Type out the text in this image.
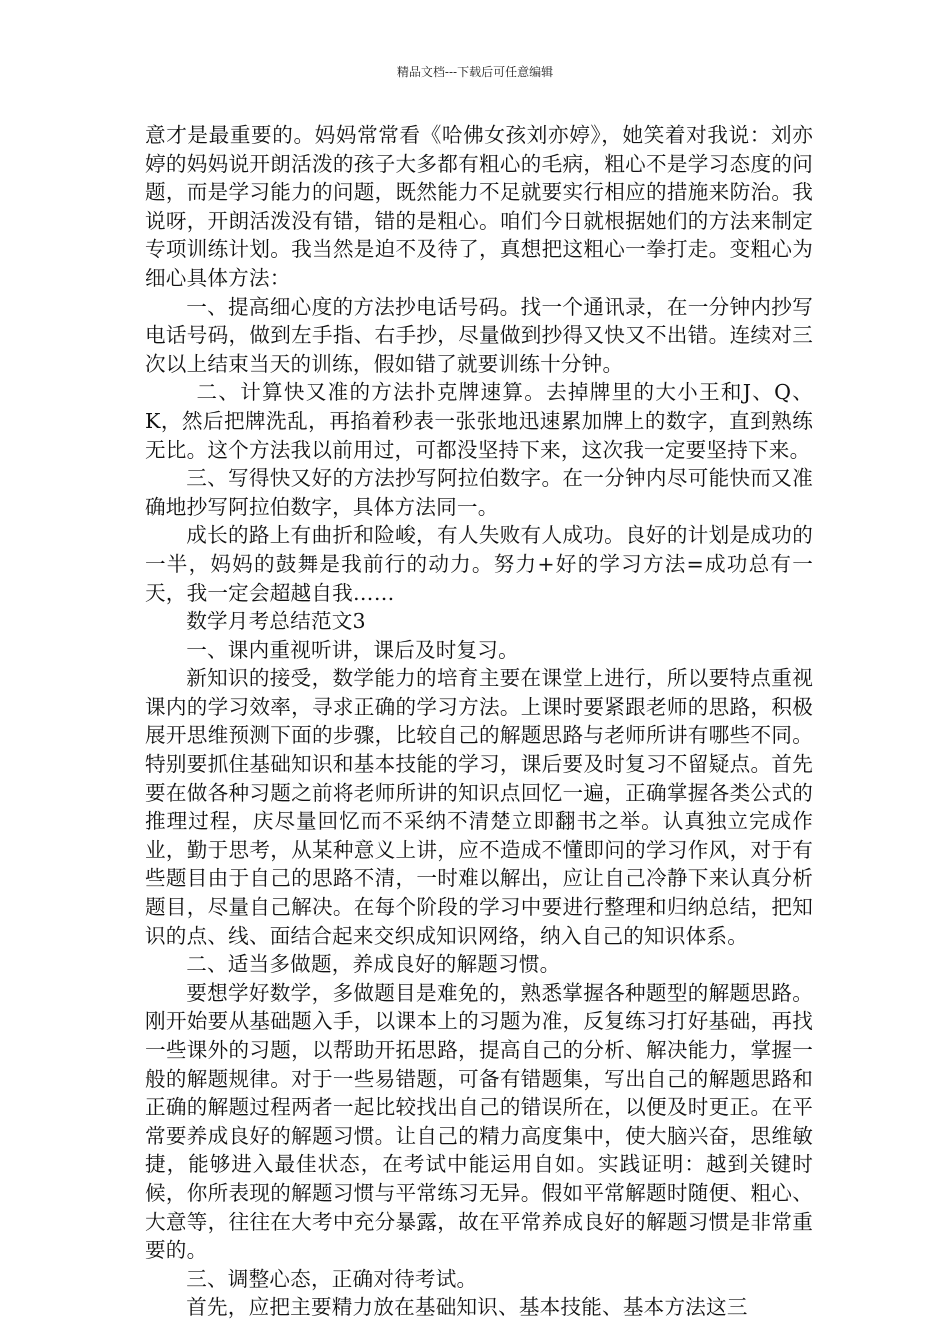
精品文档---下载后可任意编辑

意才是最重要的。妈妈常常看《哈佛女孩刘亦婷》，她笑着对我说：刘亦婷的妈妈说开朗活泼的孩子大多都有粗心的毛病，粗心不是学习态度的问题，而是学习能力的问题，既然能力不足就要实行相应的措施来防治。我说呀，开朗活泼没有错，错的是粗心。咱们今日就根据她们的方法来制定专项训练计划。我当然是迫不及待了，真想把这粗心一拳打走。变粗心为细心具体方法：

一、提高细心度的方法抄电话号码。找一个通讯录，在一分钟内抄写电话号码，做到左手指、右手抄，尽量做到抄得又快又不出错。连续对三次以上结束当天的训练，假如错了就要训练十分钟。

二、计算快又准的方法扑克牌速算。去掉牌里的大小王和J、Q、K，然后把牌洗乱，再掐着秒表一张张地迅速累加牌上的数字，直到熟练无比。这个方法我以前用过，可都没坚持下来，这次我一定要坚持下来。

三、写得快又好的方法抄写阿拉伯数字。在一分钟内尽可能快而又准确地抄写阿拉伯数字，具体方法同一。

成长的路上有曲折和险峻，有人失败有人成功。良好的计划是成功的一半，妈妈的鼓舞是我前行的动力。努力+好的学习方法=成功总有一天，我一定会超越自我……

数学月考总结范文3

一、课内重视听讲，课后及时复习。

新知识的接受，数学能力的培育主要在课堂上进行，所以要特点重视课内的学习效率，寻求正确的学习方法。上课时要紧跟老师的思路，积极展开思维预测下面的步骤，比较自己的解题思路与老师所讲有哪些不同。特别要抓住基础知识和基本技能的学习，课后要及时复习不留疑点。首先要在做各种习题之前将老师所讲的知识点回忆一遍，正确掌握各类公式的推理过程，庆尽量回忆而不采纳不清楚立即翻书之举。认真独立完成作业，勤于思考，从某种意义上讲，应不造成不懂即问的学习作风，对于有些题目由于自己的思路不清，一时难以解出，应让自己冷静下来认真分析题目，尽量自己解决。在每个阶段的学习中要进行整理和归纳总结，把知识的点、线、面结合起来交织成知识网络，纳入自己的知识体系。

二、适当多做题，养成良好的解题习惯。

要想学好数学，多做题目是难免的，熟悉掌握各种题型的解题思路。刚开始要从基础题入手，以课本上的习题为准，反复练习打好基础，再找一些课外的习题，以帮助开拓思路，提高自己的分析、解决能力，掌握一般的解题规律。对于一些易错题，可备有错题集，写出自己的解题思路和正确的解题过程两者一起比较找出自己的错误所在，以便及时更正。在平常要养成良好的解题习惯。让自己的精力高度集中，使大脑兴奋，思维敏捷，能够进入最佳状态，在考试中能运用自如。实践证明：越到关键时候，你所表现的解题习惯与平常练习无异。假如平常解题时随便、粗心、大意等，往往在大考中充分暴露，故在平常养成良好的解题习惯是非常重要的。

三、调整心态，正确对待考试。

首先，应把主要精力放在基础知识、基本技能、基本方法这三
